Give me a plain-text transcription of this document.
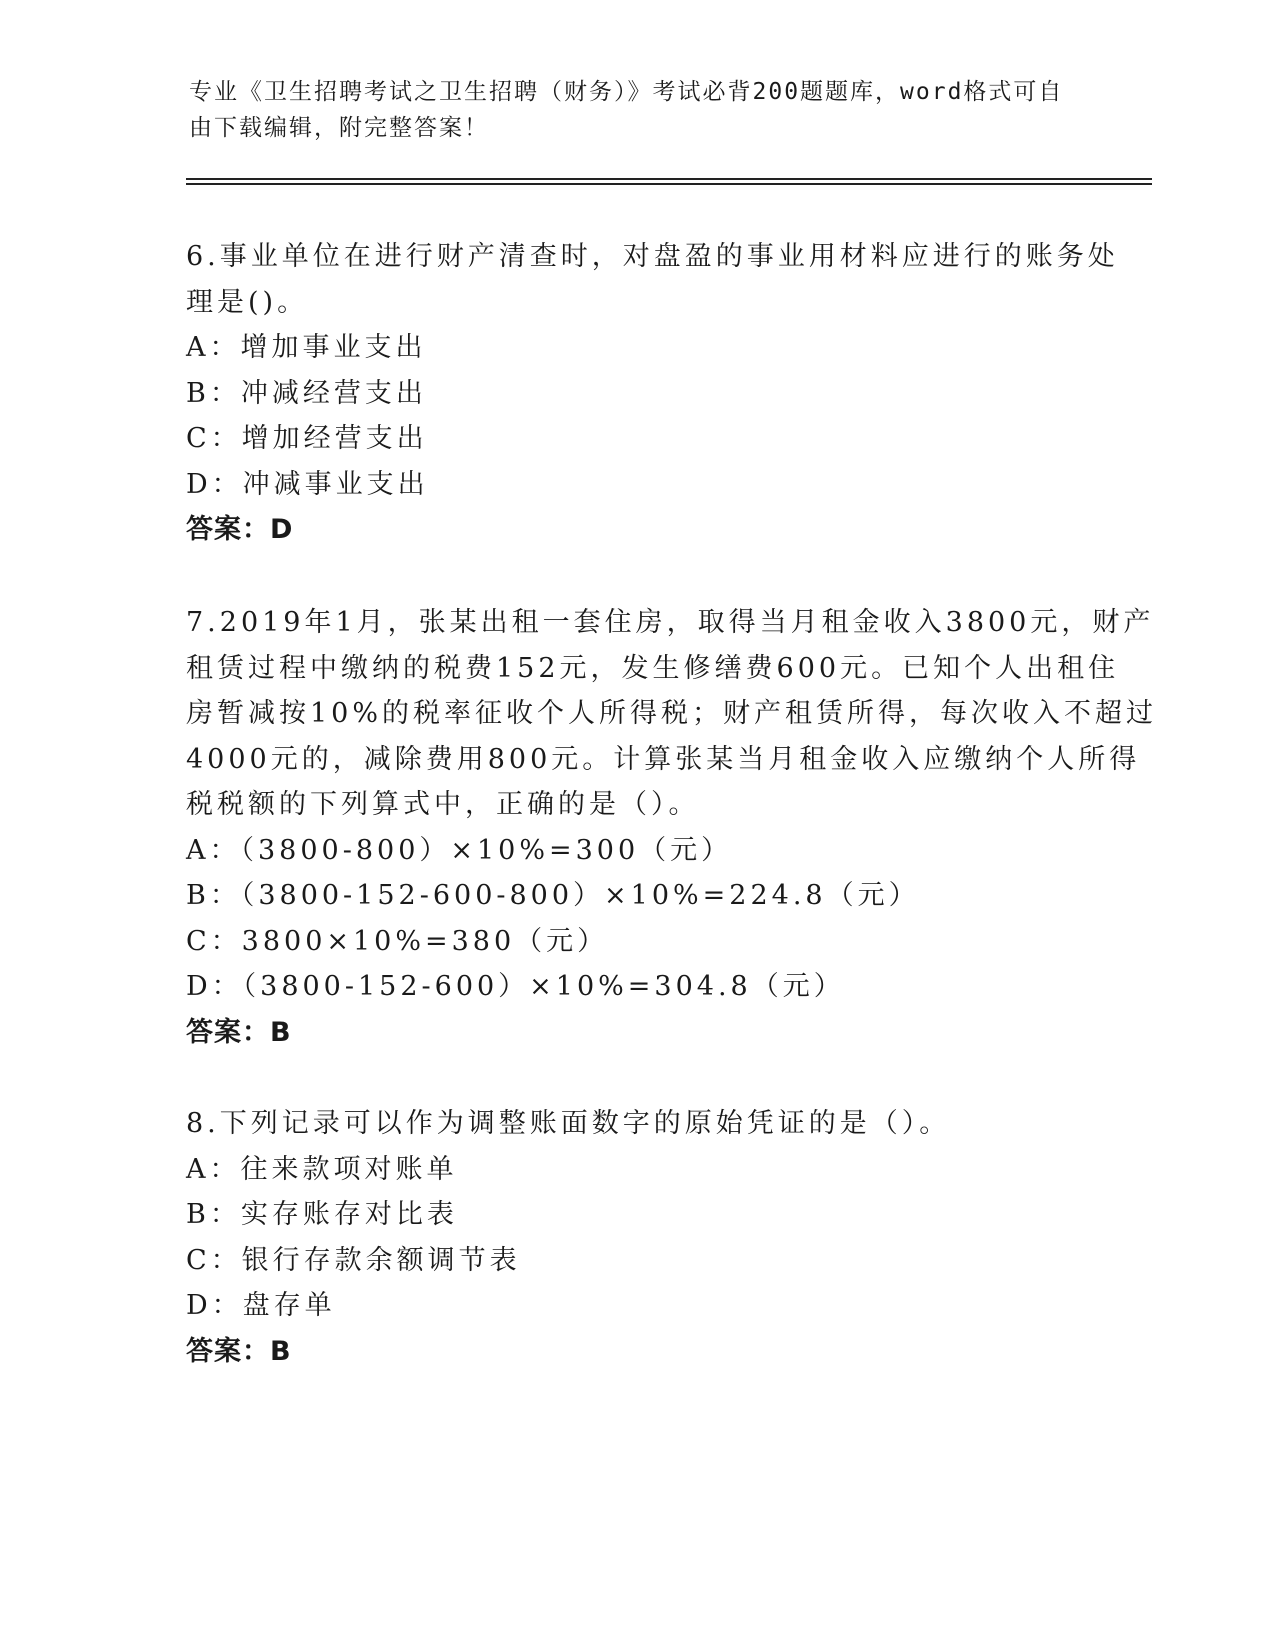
专业《卫生招聘考试之卫生招聘（财务）》考试必背200题题库，word格式可自
由下载编辑，附完整答案！
6.事业单位在进行财产清查时，对盘盈的事业用材料应进行的账务处
理是()。
A：增加事业支出
B：冲减经营支出
C：增加经营支出
D：冲减事业支出
答案：D
7.2019年1月，张某出租一套住房，取得当月租金收入3800元，财产
租赁过程中缴纳的税费152元，发生修缮费600元。已知个人出租住
房暂减按10%的税率征收个人所得税；财产租赁所得，每次收入不超过
4000元的，减除费用800元。计算张某当月租金收入应缴纳个人所得
税税额的下列算式中，正确的是（）。
A：（3800-800）×10%=300（元）
B：（3800-152-600-800）×10%=224.8（元）
C：3800×10%=380（元）
D：（3800-152-600）×10%=304.8（元）
答案：B
8.下列记录可以作为调整账面数字的原始凭证的是（）。
A：往来款项对账单
B：实存账存对比表
C：银行存款余额调节表
D：盘存单
答案：B
